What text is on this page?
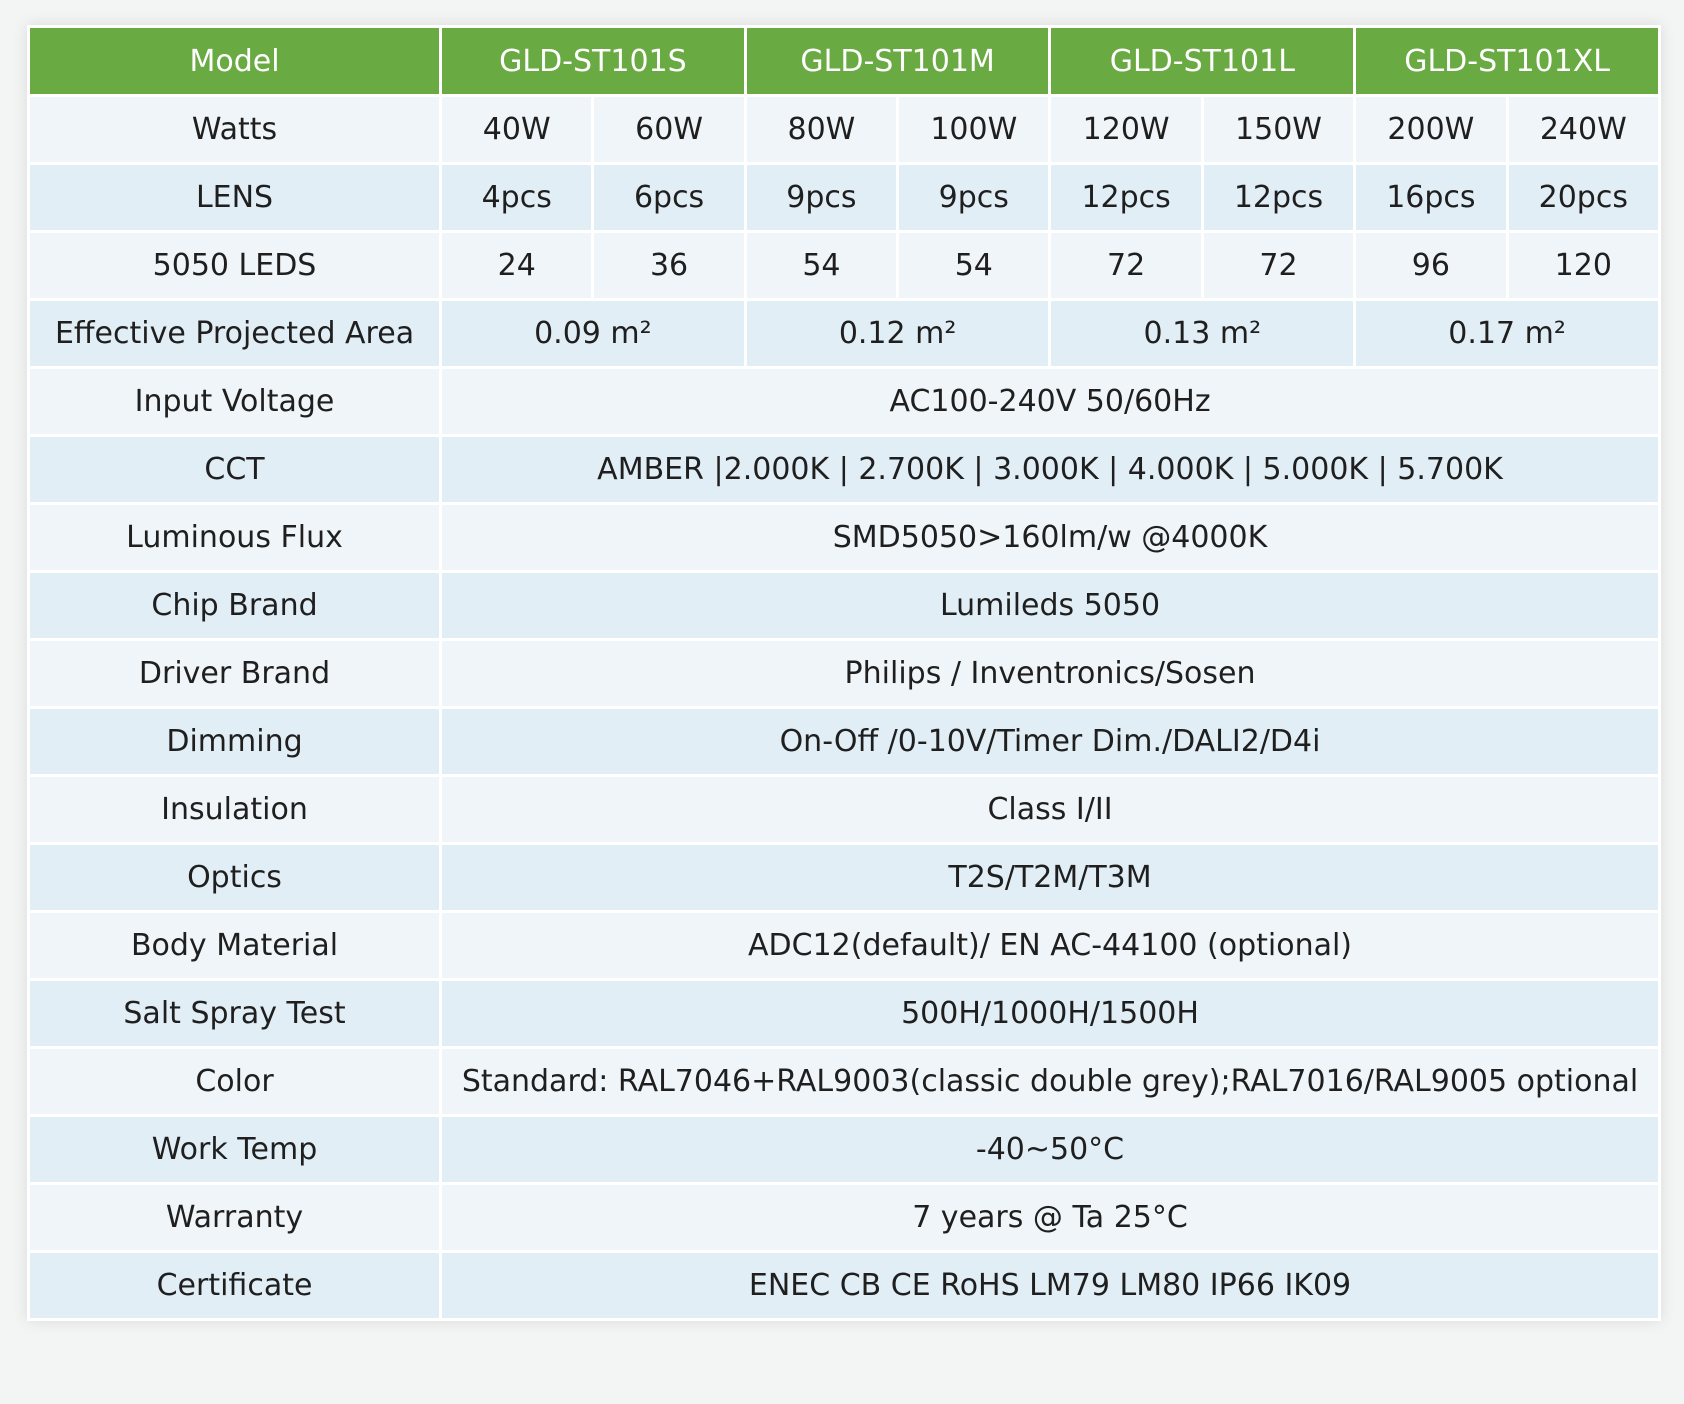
Model	GLD-ST101S		GLD-ST101M		GLD-ST101L		GLD-ST101XL	
Watts	40W	60W	80W	100W	120W	150W	200W	240W
LENS	4pcs	6pcs	9pcs	9pcs	12pcs	12pcs	16pcs	20pcs
5050 LEDS	24	36	54	54	72	72	96	120
Effective Projected Area	0.09 m²		0.12 m²		0.13 m²		0.17 m²	
Input Voltage	AC100-240V 50/60Hz							
CCT	AMBER |2.000K | 2.700K | 3.000K | 4.000K | 5.000K | 5.700K							
Luminous Flux	SMD5050>160lm/w @4000K							
Chip Brand	Lumileds 5050							
Driver Brand	Philips / Inventronics/Sosen							
Dimming	On-Off /0-10V/Timer Dim./DALI2/D4i							
Insulation	Class I/II							
Optics	T2S/T2M/T3M							
Body Material	ADC12(default)/ EN AC-44100 (optional)							
Salt Spray Test	500H/1000H/1500H							
Color	Standard: RAL7046+RAL9003(classic double grey);RAL7016/RAL9005 optional							
Work Temp	-40~50°C							
Warranty	7 years @ Ta 25°C							
Certificate	ENEC CB CE RoHS LM79 LM80 IP66 IK09							
